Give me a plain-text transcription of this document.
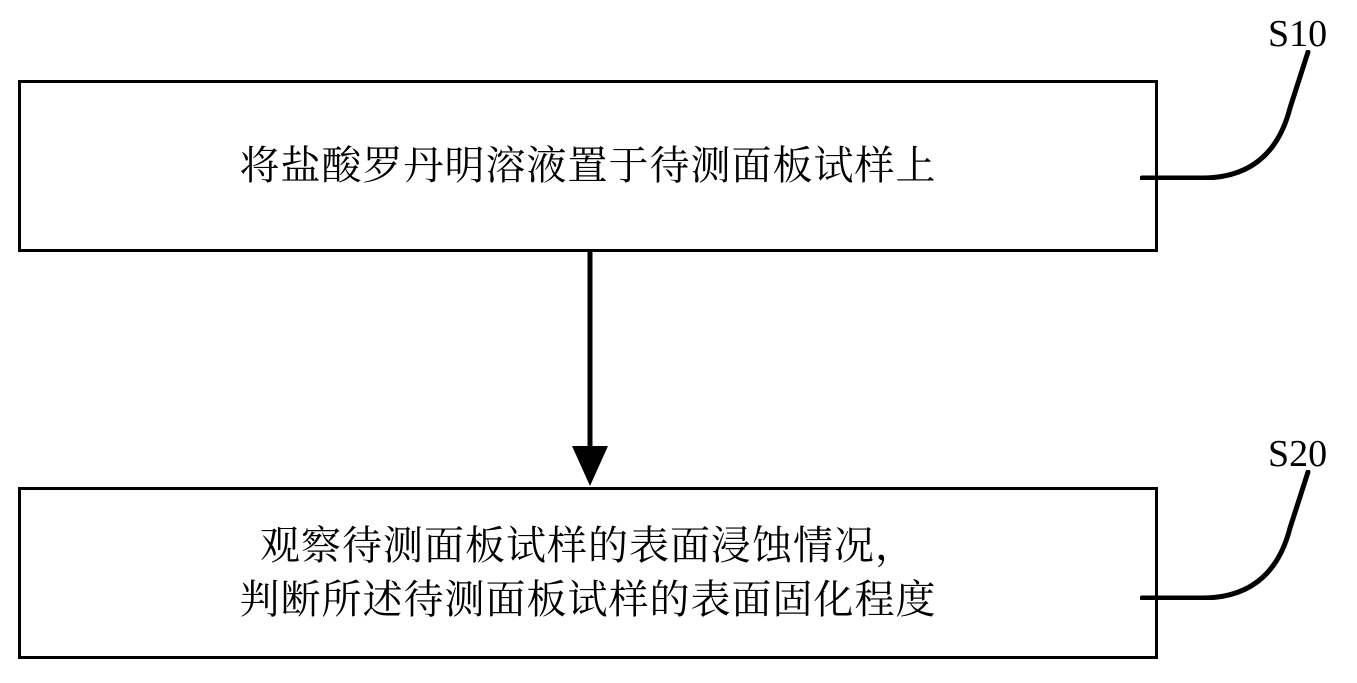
将盐酸罗丹明溶液置于待测面板试样上
S10
观察待测面板试样的表面浸蚀情况，
判断所述待测面板试样的表面固化程度
S20
